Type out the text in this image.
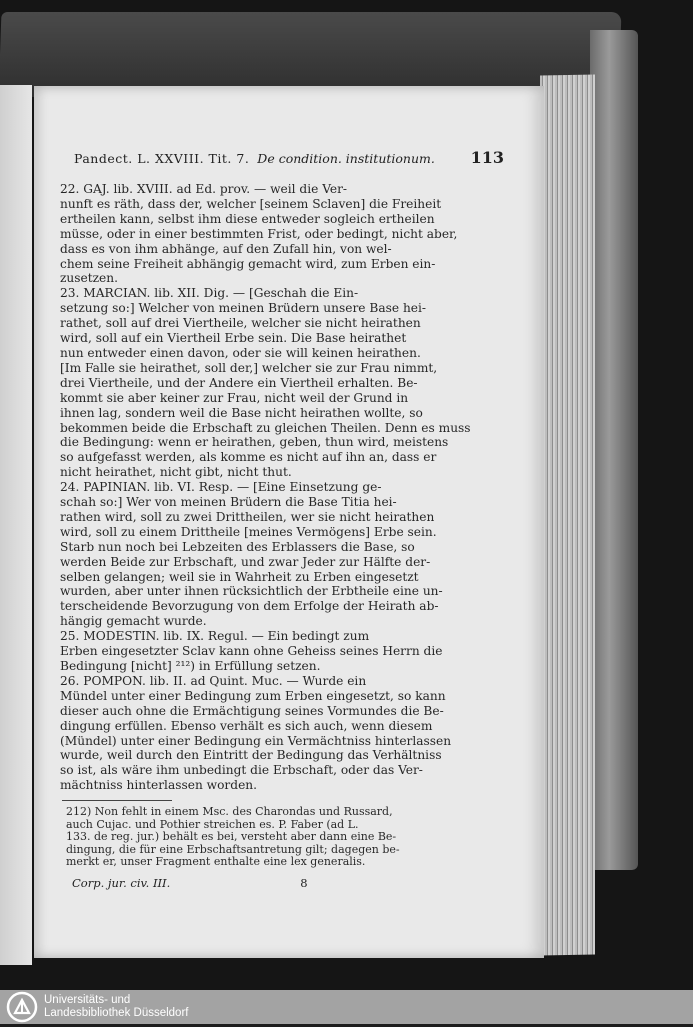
Pandect. L. XXVIII. Tit. 7. De condition. institutionum. 113
22. GAJ. lib. XVIII. ad Ed. prov. — weil die Ver-
nunft es räth, dass der, welcher [seinem Sclaven] die Freiheit
ertheilen kann, selbst ihm diese entweder sogleich ertheilen
müsse, oder in einer bestimmten Frist, oder bedingt, nicht aber,
dass es von ihm abhänge, auf den Zufall hin, von wel-
chem seine Freiheit abhängig gemacht wird, zum Erben ein-
zusetzen.
23. MARCIAN. lib. XII. Dig. — [Geschah die Ein-
setzung so:] Welcher von meinen Brüdern unsere Base hei-
rathet, soll auf drei Viertheile, welcher sie nicht heirathen
wird, soll auf ein Viertheil Erbe sein. Die Base heirathet
nun entweder einen davon, oder sie will keinen heirathen.
[Im Falle sie heirathet, soll der,] welcher sie zur Frau nimmt,
drei Viertheile, und der Andere ein Viertheil erhalten. Be-
kommt sie aber keiner zur Frau, nicht weil der Grund in
ihnen lag, sondern weil die Base nicht heirathen wollte, so
bekommen beide die Erbschaft zu gleichen Theilen. Denn es muss
die Bedingung: wenn er heirathen, geben, thun wird, meistens
so aufgefasst werden, als komme es nicht auf ihn an, dass er
nicht heirathet, nicht gibt, nicht thut.
24. PAPINIAN. lib. VI. Resp. — [Eine Einsetzung ge-
schah so:] Wer von meinen Brüdern die Base Titia hei-
rathen wird, soll zu zwei Drittheilen, wer sie nicht heirathen
wird, soll zu einem Drittheile [meines Vermögens] Erbe sein.
Starb nun noch bei Lebzeiten des Erblassers die Base, so
werden Beide zur Erbschaft, und zwar Jeder zur Hälfte der-
selben gelangen; weil sie in Wahrheit zu Erben eingesetzt
wurden, aber unter ihnen rücksichtlich der Erbtheile eine un-
terscheidende Bevorzugung von dem Erfolge der Heirath ab-
hängig gemacht wurde.
25. MODESTIN. lib. IX. Regul. — Ein bedingt zum
Erben eingesetzter Sclav kann ohne Geheiss seines Herrn die
Bedingung [nicht] ²¹²) in Erfüllung setzen.
26. POMPON. lib. II. ad Quint. Muc. — Wurde ein
Mündel unter einer Bedingung zum Erben eingesetzt, so kann
dieser auch ohne die Ermächtigung seines Vormundes die Be-
dingung erfüllen. Ebenso verhält es sich auch, wenn diesem
(Mündel) unter einer Bedingung ein Vermächtniss hinterlassen
wurde, weil durch den Eintritt der Bedingung das Verhältniss
so ist, als wäre ihm unbedingt die Erbschaft, oder das Ver-
mächtniss hinterlassen worden.
212) Non fehlt in einem Msc. des Charondas und Russard,
auch Cujac. und Pothier streichen es. P. Faber (ad L.
133. de reg. jur.) behält es bei, versteht aber dann eine Be-
dingung, die für eine Erbschaftsantretung gilt; dagegen be-
merkt er, unser Fragment enthalte eine lex generalis.
Corp. jur. civ. III.	8
Universitäts- und
Landesbibliothek Düsseldorf
